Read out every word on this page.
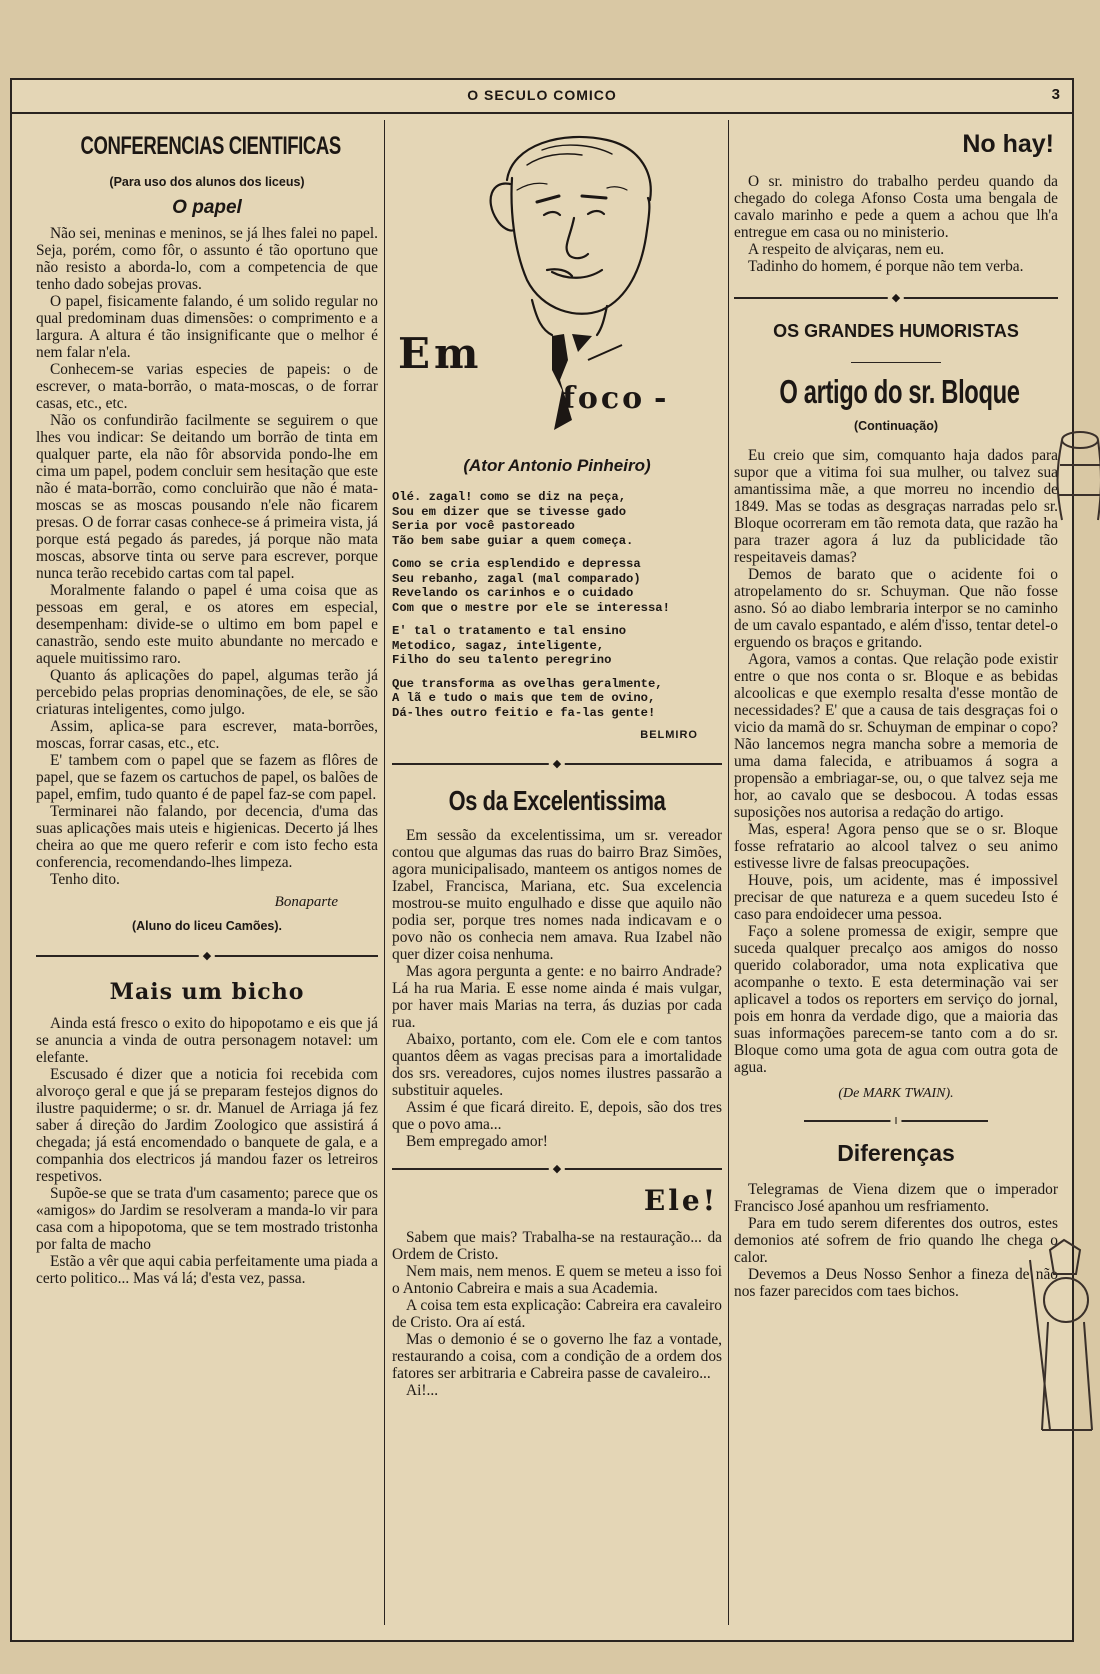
O SECULO COMICO	3
CONFERENCIAS CIENTIFICAS
(Para uso dos alunos dos liceus)
O papel

Não sei, meninas e meninos, se já lhes falei no papel. Seja, porém, como fôr, o assunto é tão oportuno que não resisto a aborda-lo, com a competencia de que tenho dado sobejas provas.

O papel, fisicamente falando, é um solido regular no qual predominam duas dimensões: o comprimento e a largura. A altura é tão insignificante que o melhor é nem falar n'ela.

Conhecem-se varias especies de papeis: o de escrever, o mata-borrão, o mata-moscas, o de forrar casas, etc., etc.

Não os confundirão facilmente se seguirem o que lhes vou indicar: Se deitando um borrão de tinta em qualquer parte, ela não fôr absorvida pondo-lhe em cima um papel, podem concluir sem hesitação que este não é mata-borrão, como concluirão que não é mata-moscas se as moscas pousando n'ele não ficarem presas. O de forrar casas conhece-se á primeira vista, já porque está pegado ás paredes, já porque não mata moscas, absorve tinta ou serve para escrever, porque nunca terão recebido cartas com tal papel.

Moralmente falando o papel é uma coisa que as pessoas em geral, e os atores em especial, desempenham: divide-se o ultimo em bom papel e canastrão, sendo este muito abundante no mercado e aquele muitissimo raro.

Quanto ás aplicações do papel, algumas terão já percebido pelas proprias denominações, de ele, se são criaturas inteligentes, como julgo.

Assim, aplica-se para escrever, mata-borrões, moscas, forrar casas, etc., etc.

E' tambem com o papel que se fazem as flôres de papel, que se fazem os cartuchos de papel, os balões de papel, emfim, tudo quanto é de papel faz-se com papel.

Terminarei não falando, por decencia, d'uma das suas aplicações mais uteis e higienicas. Decerto já lhes cheira ao que me quero referir e com isto fecho esta conferencia, recomendando-lhes limpeza.

Tenho dito.

Bonaparte
(Aluno do liceu Camões).
◆
Mais um bicho

Ainda está fresco o exito do hipopotamo e eis que já se anuncia a vinda de outra personagem notavel: um elefante.

Escusado é dizer que a noticia foi recebida com alvoroço geral e que já se preparam festejos dignos do ilustre paquiderme; o sr. dr. Manuel de Arriaga já fez saber á direção do Jardim Zoologico que assistirá á chegada; já está encomendado o banquete de gala, e a companhia dos electricos já mandou fazer os letreiros respetivos.

Supõe-se que se trata d'um casamento; parece que os «amigos» do Jardim se resolveram a manda-lo vir para casa com a hipopotoma, que se tem mostrado tristonha por falta de macho

Estão a vêr que aqui cabia perfeitamente uma piada a certo politico... Mas vá lá; d'esta vez, passa.

Em
foco -
(Ator Antonio Pinheiro)
Olé. zagal! como se diz na peça,
Sou em dizer que se tivesse gado
Seria por você pastoreado
Tão bem sabe guiar a quem começa.
Como se cria esplendido e depressa
Seu rebanho, zagal (mal comparado)
Revelando os carinhos e o cuidado
Com que o mestre por ele se interessa!
E' tal o tratamento e tal ensino
Metodico, sagaz, inteligente,
Filho do seu talento peregrino
Que transforma as ovelhas geralmente,
A lã e tudo o mais que tem de ovino,
Dá-lhes outro feitio e fa-las gente!
BELMIRO
◆
Os da Excelentissima

Em sessão da excelentissima, um sr. vereador contou que algumas das ruas do bairro Braz Simões, agora municipalisado, manteem os antigos nomes de Izabel, Francisca, Mariana, etc. Sua excelencia mostrou-se muito engulhado e disse que aquilo não podia ser, porque tres nomes nada indicavam e o povo não os conhecia nem amava. Rua Izabel não quer dizer coisa nenhuma.

Mas agora pergunta a gente: e no bairro Andrade? Lá ha rua Maria. E esse nome ainda é mais vulgar, por haver mais Marias na terra, ás duzias por cada rua.

Abaixo, portanto, com ele. Com ele e com tantos quantos dêem as vagas precisas para a imortalidade dos srs. vereadores, cujos nomes ilustres passarão a substituir aqueles.

Assim é que ficará direito. E, depois, são dos tres que o povo ama...

Bem empregado amor!

◆
Ele!

Sabem que mais? Trabalha-se na restauração... da Ordem de Cristo.

Nem mais, nem menos. E quem se meteu a isso foi o Antonio Cabreira e mais a sua Academia.

A coisa tem esta explicação: Cabreira era cavaleiro de Cristo. Ora aí está.

Mas o demonio é se o governo lhe faz a vontade, restaurando a coisa, com a condição de a ordem dos fatores ser arbitraria e Cabreira passe de cavaleiro...

Ai!...

No hay!

O sr. ministro do trabalho perdeu quando da chegado do colega Afonso Costa uma bengala de cavalo marinho e pede a quem a achou que lh'a entregue em casa ou no ministerio.

A respeito de alviçaras, nem eu.

Tadinho do homem, é porque não tem verba.

◆
OS GRANDES HUMORISTAS
O artigo do sr. Bloque
(Continuação)

Eu creio que sim, comquanto haja dados para supor que a vitima foi sua mulher, ou talvez sua amantissima mãe, a que morreu no incendio de 1849. Mas se todas as desgraças narradas pelo sr. Bloque ocorreram em tão remota data, que razão ha para trazer agora á luz da publicidade tão respeitaveis damas?

Demos de barato que o acidente foi o atropelamento do sr. Schuyman. Que não fosse asno. Só ao diabo lembraria interpor se no caminho de um cavalo espantado, e além d'isso, tentar detel-o erguendo os braços e gritando.

Agora, vamos a contas. Que relação pode existir entre o que nos conta o sr. Bloque e as bebidas alcoolicas e que exemplo resalta d'esse montão de necessidades? E' que a causa de tais desgraças foi o vicio da mamã do sr. Schuyman de empinar o copo? Não lancemos negra mancha sobre a memoria de uma dama falecida, e atribuamos á sogra a propensão a embriagar-se, ou, o que talvez seja me hor, ao cavalo que se desbocou. A todas essas suposições nos autorisa a redação do artigo.

Mas, espera! Agora penso que se o sr. Bloque fosse refratario ao alcool talvez o seu animo estivesse livre de falsas preocupações.

Houve, pois, um acidente, mas é impossivel precisar de que natureza e a quem sucedeu Isto é caso para endoidecer uma pessoa.

Faço a solene promessa de exigir, sempre que suceda qualquer precalço aos amigos do nosso querido colaborador, uma nota explicativa que acompanhe o texto. E esta determinação vai ser aplicavel a todos os reporters em serviço do jornal, pois em honra da verdade digo, que a maioria das suas informações parecem-se tanto com a do sr. Bloque como uma gota de agua com outra gota de agua.

(De MARK TWAIN).
‖
Diferenças

Telegramas de Viena dizem que o imperador Francisco José apanhou um resfriamento.

Para em tudo serem diferentes dos outros, estes demonios até sofrem de frio quando lhe chega o calor.

Devemos a Deus Nosso Senhor a fineza de não nos fazer parecidos com taes bichos.
